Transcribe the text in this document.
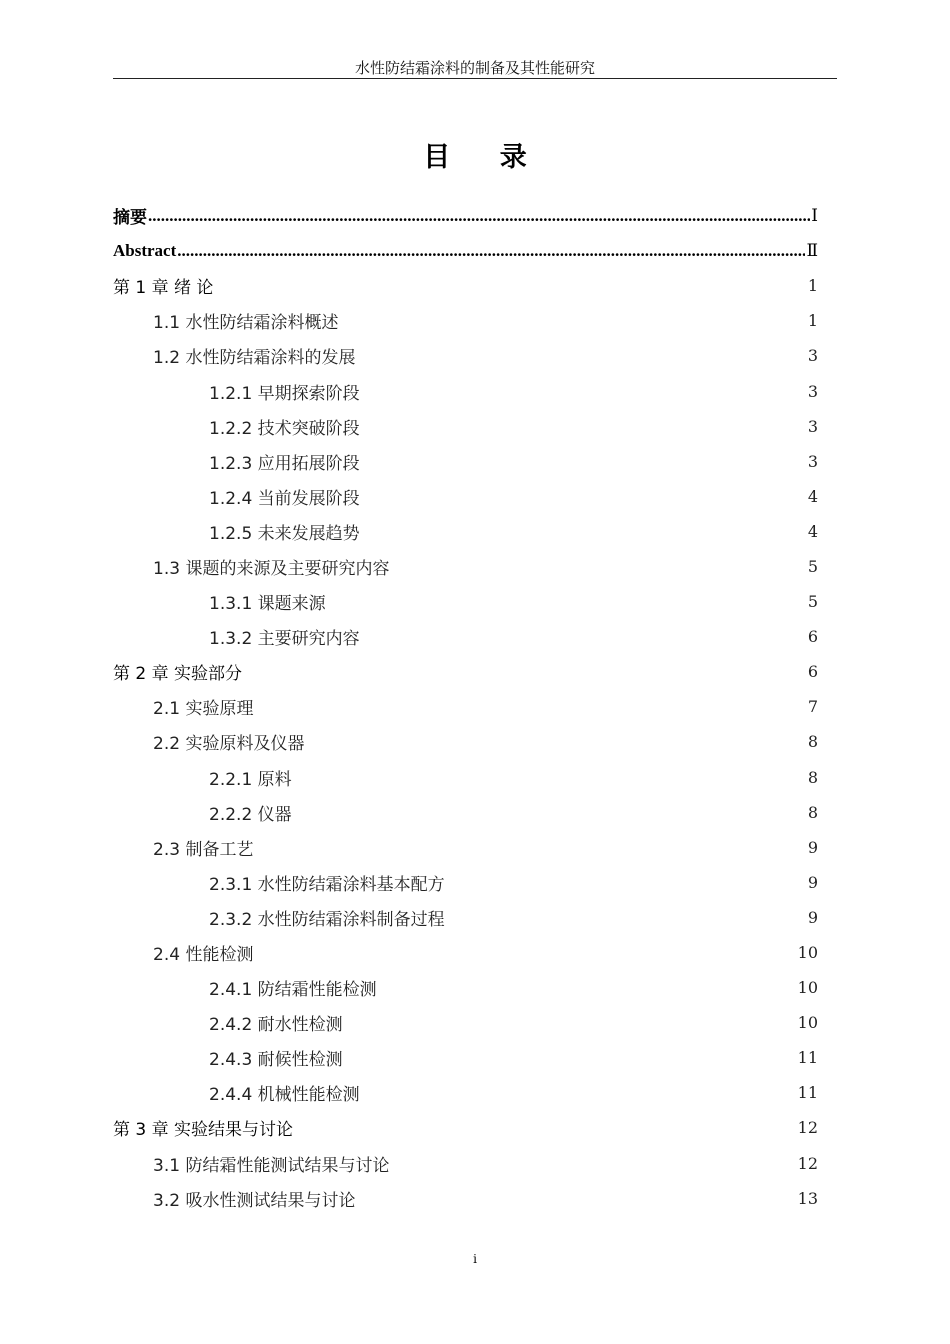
水性防结霜涂料的制备及其性能研究
目 录
摘要 .....	Ⅰ
Abstract .....	Ⅱ
第 1 章 绪 论	1
1.1 水性防结霜涂料概述	1
1.2 水性防结霜涂料的发展	3
1.2.1 早期探索阶段	3
1.2.2 技术突破阶段	3
1.2.3 应用拓展阶段	3
1.2.4 当前发展阶段	4
1.2.5 未来发展趋势	4
1.3 课题的来源及主要研究内容	5
1.3.1 课题来源	5
1.3.2 主要研究内容	6
第 2 章 实验部分	6
2.1 实验原理	7
2.2 实验原料及仪器	8
2.2.1 原料	8
2.2.2 仪器	8
2.3 制备工艺	9
2.3.1 水性防结霜涂料基本配方	9
2.3.2 水性防结霜涂料制备过程	9
2.4 性能检测	10
2.4.1 防结霜性能检测	10
2.4.2 耐水性检测	10
2.4.3 耐候性检测	11
2.4.4 机械性能检测	11
第 3 章 实验结果与讨论	12
3.1 防结霜性能测试结果与讨论	12
3.2 吸水性测试结果与讨论	13
i
